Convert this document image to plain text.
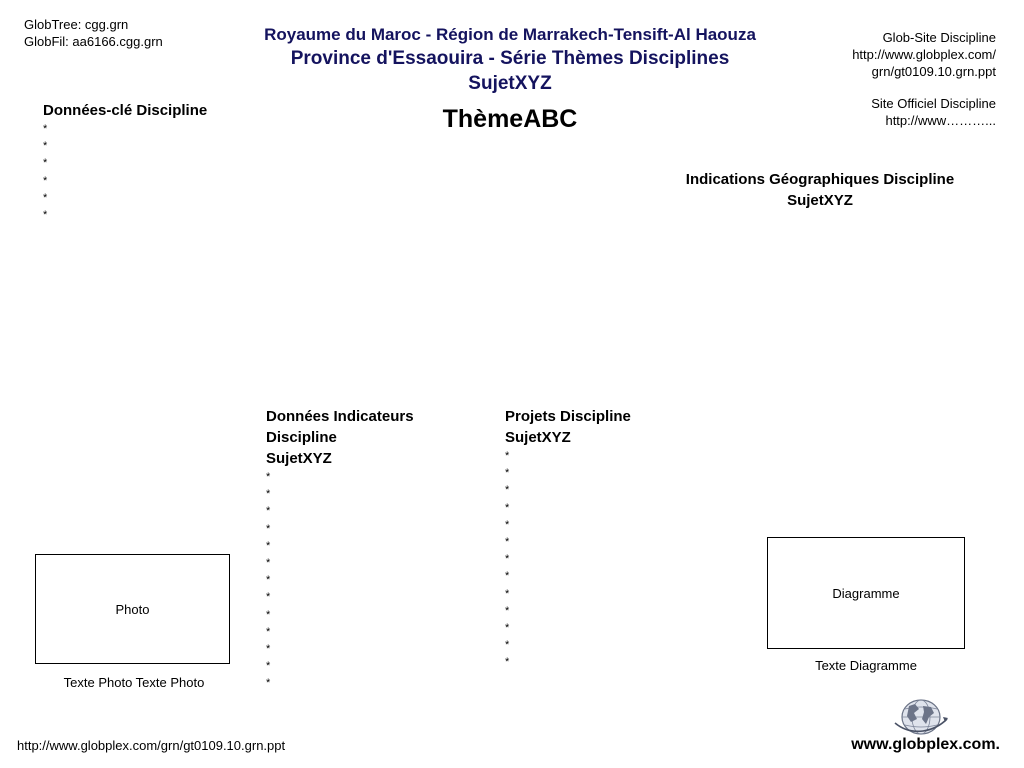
GlobTree: cgg.grn
GlobFil: aa6166.cgg.grn	Royaume du Maroc - Région de Marrakech-Tensift-Al Haouza
Province d'Essaouira - Série Thèmes Disciplines
SujetXYZ
ThèmeABC
Glob-Site Discipline
http://www.globplex.com/
grn/gt0109.10.grn.ppt
Site Officiel Discipline
http://www………...
Données-clé Discipline
*
*
*
*
*
*
Indications Géographiques Discipline
SujetXYZ
Données Indicateurs
Discipline
SujetXYZ
*
*
*
*
*
*
*
*
*
*
*
*
*
Projets Discipline
SujetXYZ
*
*
*
*
*
*
*
*
*
*
*
*
*
Photo
Texte Photo Texte Photo
Diagramme
Texte Diagramme
http://www.globplex.com/grn/gt0109.10.grn.ppt	www.globplex.com.
